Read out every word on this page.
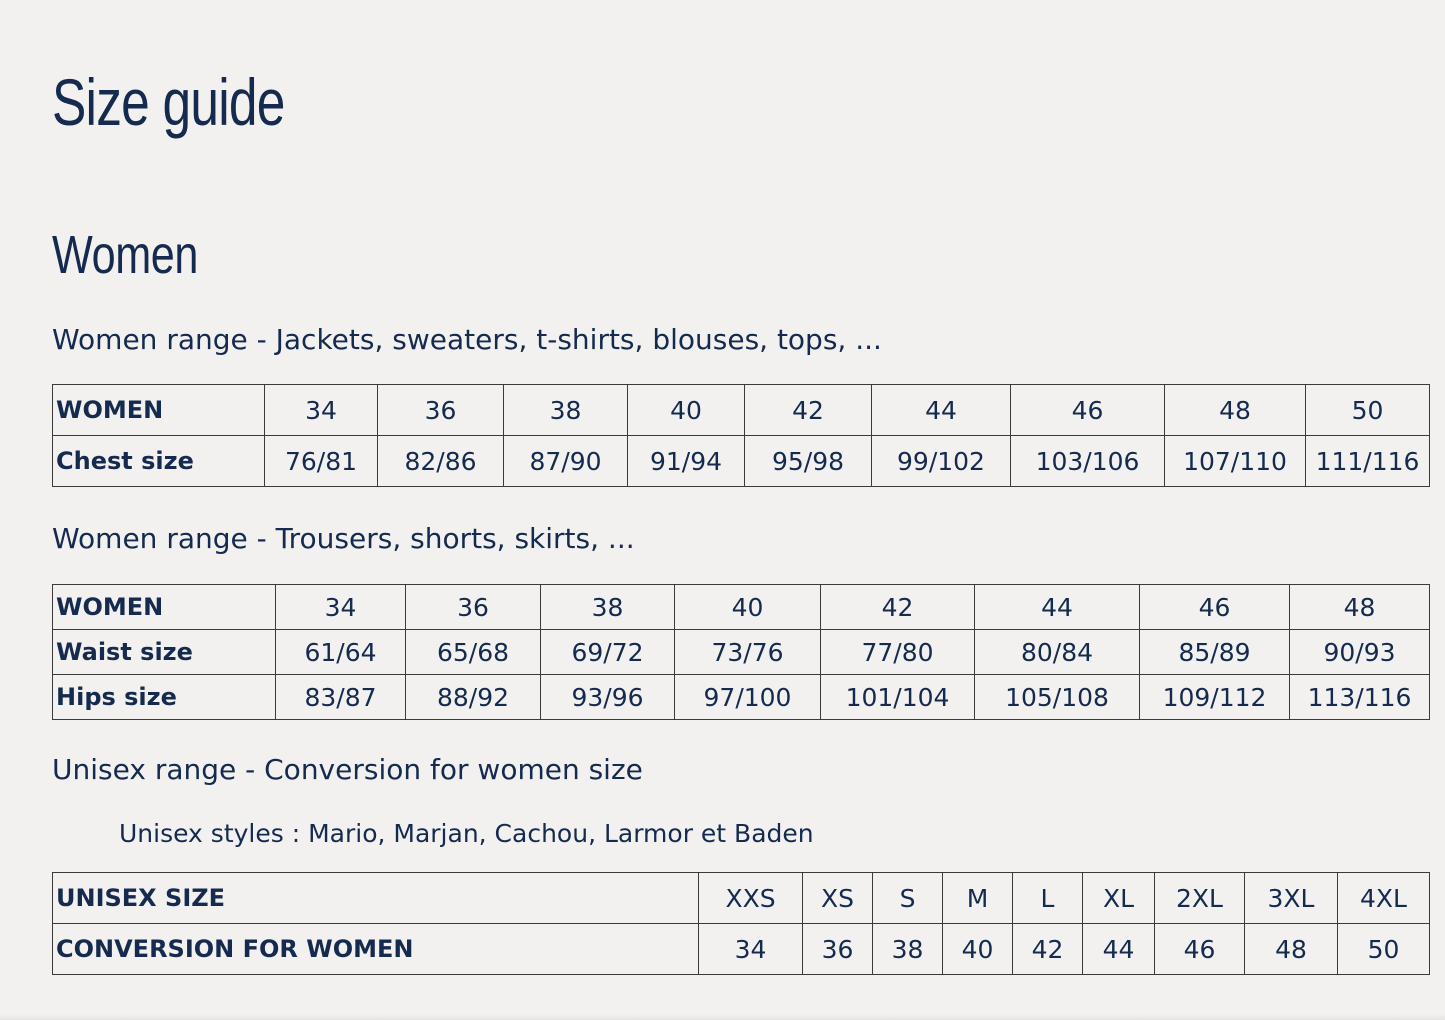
Size guide
Women
Women range - Jackets, sweaters, t-shirts, blouses, tops, ...
WOMEN	34	36	38	40	42	44	46	48	50
Chest size	76/81	82/86	87/90	91/94	95/98	99/102	103/106	107/110	111/116
Women range - Trousers, shorts, skirts, ...
WOMEN	34	36	38	40	42	44	46	48
Waist size	61/64	65/68	69/72	73/76	77/80	80/84	85/89	90/93
Hips size	83/87	88/92	93/96	97/100	101/104	105/108	109/112	113/116
Unisex range - Conversion for women size

Unisex styles : Mario, Marjan, Cachou, Larmor et Baden

UNISEX SIZE	XXS	XS	S	M	L	XL	2XL	3XL	4XL
CONVERSION FOR WOMEN	34	36	38	40	42	44	46	48	50
